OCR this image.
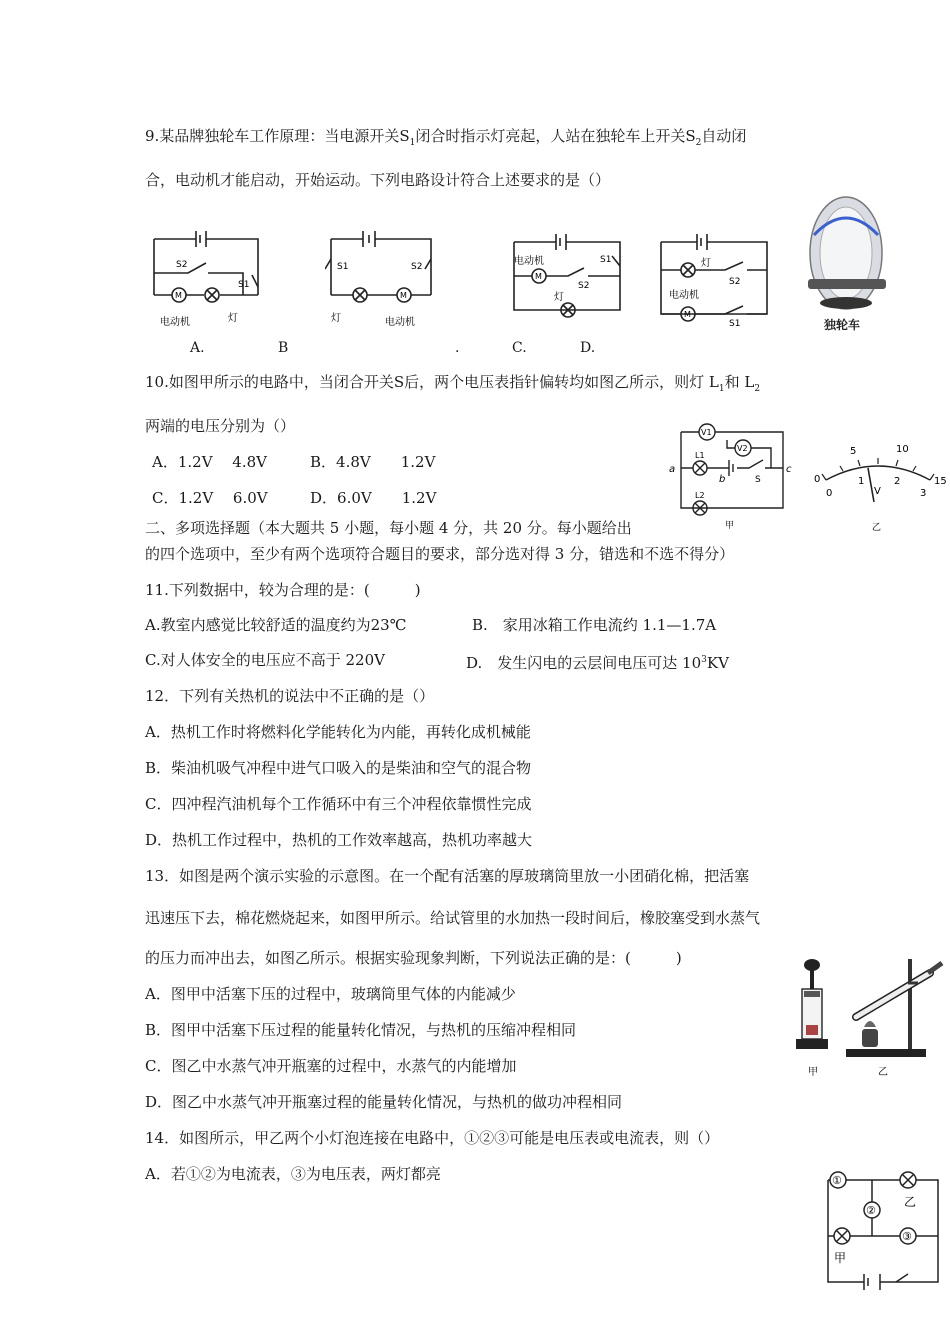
9.某品牌独轮车工作原理：当电源开关$S_1$闭合时指示灯亮起，人站在独轮车上开关$S_2$自动闭
合，电动机才能启动，开始运动。下列电路设计符合上述要求的是（）
S2
S1
M
电动机	灯
S1	S2
M
灯	电动机
电动机
M
S1
S2
灯
灯
S2
电动机
M
S1	独轮车
A.	B	.	C.	D.
10.如图甲所示的电路中，当闭合开关S后，两个电压表指针偏转均如图乙所示，则灯 $L_1$和 $L_2$
两端的电压分别为（）
A．1.2V　 4.8V	B．4.8V　　1.2V
C．1.2V　 6.0V	D．6.0V　　1.2V
V1
V2
L1
L2
a
b
c
S
甲
0
5	10
15
0
1	2
3
V
乙
二、多项选择题（本大题共 5 小题，每小题 4 分，共 20 分。每小题给出
的四个选项中，至少有两个选项符合题目的要求，部分选对得 3 分，错选和不选不得分）
11.下列数据中，较为合理的是：(　　　)
A.教室内感觉比较舒适的温度约为23℃	B.　家用冰箱工作电流约 1.1—1.7A
C.对人体安全的电压应不高于 220V	D.　发生闪电的云层间电压可达 $10^3KV$
12．下列有关热机的说法中不正确的是（）
A．热机工作时将燃料化学能转化为内能，再转化成机械能
B．柴油机吸气冲程中进气口吸入的是柴油和空气的混合物
C．四冲程汽油机每个工作循环中有三个冲程依靠惯性完成
D．热机工作过程中，热机的工作效率越高，热机功率越大
13．如图是两个演示实验的示意图。在一个配有活塞的厚玻璃筒里放一小团硝化棉，把活塞
迅速压下去，棉花燃烧起来，如图甲所示。给试管里的水加热一段时间后，橡胶塞受到水蒸气
的压力而冲出去，如图乙所示。根据实验现象判断，下列说法正确的是：(　　　)
A．图甲中活塞下压的过程中，玻璃筒里气体的内能减少
B．图甲中活塞下压过程的能量转化情况，与热机的压缩冲程相同
C．图乙中水蒸气冲开瓶塞的过程中，水蒸气的内能增加
D．图乙中水蒸气冲开瓶塞过程的能量转化情况，与热机的做功冲程相同
甲	乙
14．如图所示，甲乙两个小灯泡连接在电路中，①②③可能是电压表或电流表，则（）
A．若①②为电流表，③为电压表，两灯都亮	①
②
③
乙
甲
